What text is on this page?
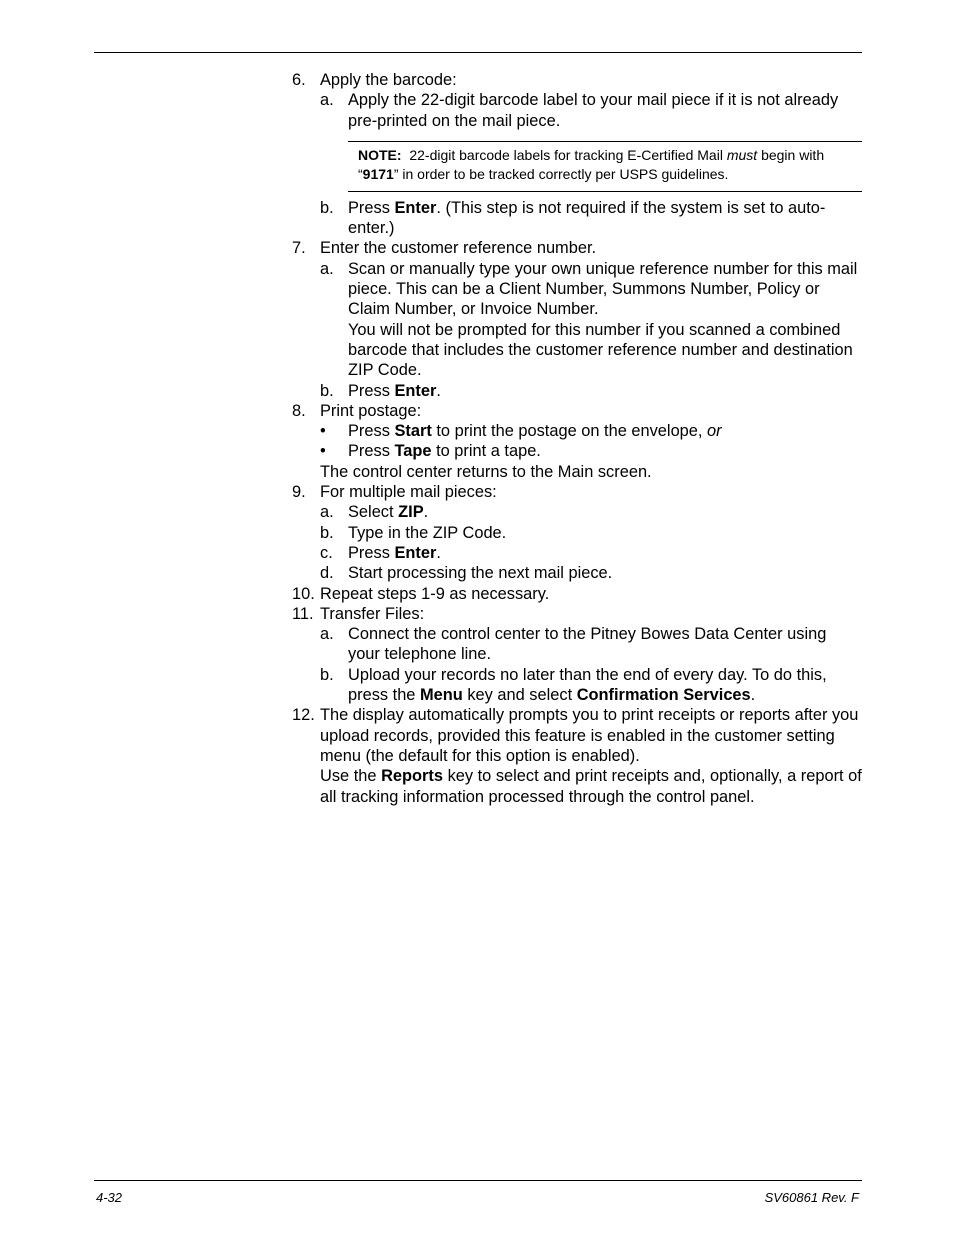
6. Apply the barcode:
a. Apply the 22-digit barcode label to your mail piece if it is not already pre-printed on the mail piece.
NOTE: 22-digit barcode labels for tracking E-Certified Mail must begin with “9171” in order to be tracked correctly per USPS guidelines.
b. Press Enter. (This step is not required if the system is set to auto-enter.)
7. Enter the customer reference number.
a. Scan or manually type your own unique reference number for this mail piece. This can be a Client Number, Summons Number, Policy or Claim Number, or Invoice Number.
You will not be prompted for this number if you scanned a combined barcode that includes the customer reference number and destination ZIP Code.
b. Press Enter.
8. Print postage:
•	Press Start to print the postage on the envelope, or
•	Press Tape to print a tape.
The control center returns to the Main screen.
9. For multiple mail pieces:
a. Select ZIP.
b. Type in the ZIP Code.
c. Press Enter.
d. Start processing the next mail piece.
10. Repeat steps 1-9 as necessary.
11. Transfer Files:
a. Connect the control center to the Pitney Bowes Data Center using your telephone line.
b. Upload your records no later than the end of every day. To do this, press the Menu key and select Confirmation Services.
12. The display automatically prompts you to print receipts or reports after you upload records, provided this feature is enabled in the customer setting menu (the default for this option is enabled).
Use the Reports key to select and print receipts and, optionally, a report of all tracking information processed through the control panel.
4-32	SV60861 Rev. F
